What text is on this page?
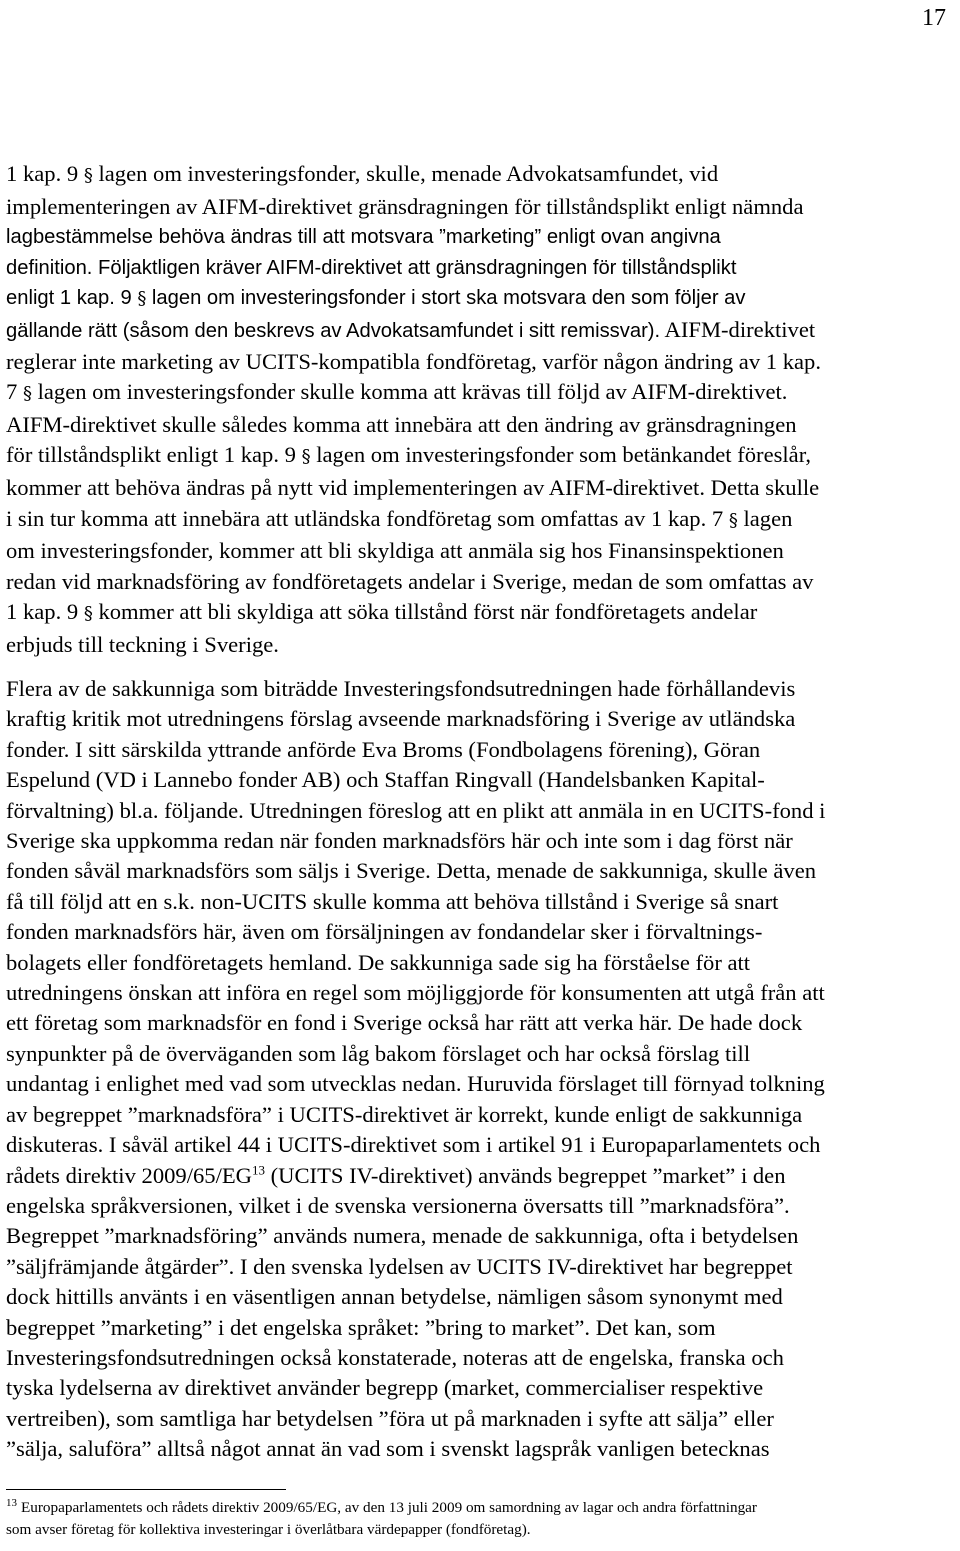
17
1 kap. 9 § lagen om investeringsfonder, skulle, menade Advokatsamfundet, vid
implementeringen av AIFM-direktivet gränsdragningen för tillståndsplikt enligt nämnda
lagbestämmelse behöva ändras till att motsvara ”marketing” enligt ovan angivna
definition. Följaktligen kräver AIFM-direktivet att gränsdragningen för tillståndsplikt
enligt 1 kap. 9 § lagen om investeringsfonder i stort ska motsvara den som följer av
gällande rätt (såsom den beskrevs av Advokatsamfundet i sitt remissvar). AIFM-direktivet
reglerar inte marketing av UCITS-kompatibla fondföretag, varför någon ändring av 1 kap.
7 § lagen om investeringsfonder skulle komma att krävas till följd av AIFM-direktivet.
AIFM-direktivet skulle således komma att innebära att den ändring av gränsdragningen
för tillståndsplikt enligt 1 kap. 9 § lagen om investeringsfonder som betänkandet föreslår,
kommer att behöva ändras på nytt vid implementeringen av AIFM-direktivet. Detta skulle
i sin tur komma att innebära att utländska fondföretag som omfattas av 1 kap. 7 § lagen
om investeringsfonder, kommer att bli skyldiga att anmäla sig hos Finansinspektionen
redan vid marknadsföring av fondföretagets andelar i Sverige, medan de som omfattas av
1 kap. 9 § kommer att bli skyldiga att söka tillstånd först när fondföretagets andelar
erbjuds till teckning i Sverige.
Flera av de sakkunniga som biträdde Investeringsfondsutredningen hade förhållandevis
kraftig kritik mot utredningens förslag avseende marknadsföring i Sverige av utländska
fonder. I sitt särskilda yttrande anförde Eva Broms (Fondbolagens förening), Göran
Espelund (VD i Lannebo fonder AB) och Staffan Ringvall (Handelsbanken Kapital-
förvaltning) bl.a. följande. Utredningen föreslog att en plikt att anmäla in en UCITS-fond i
Sverige ska uppkomma redan när fonden marknadsförs här och inte som i dag först när
fonden såväl marknadsförs som säljs i Sverige. Detta, menade de sakkunniga, skulle även
få till följd att en s.k. non-UCITS skulle komma att behöva tillstånd i Sverige så snart
fonden marknadsförs här, även om försäljningen av fondandelar sker i förvaltnings-
bolagets eller fondföretagets hemland. De sakkunniga sade sig ha förståelse för att
utredningens önskan att införa en regel som möjliggjorde för konsumenten att utgå från att
ett företag som marknadsför en fond i Sverige också har rätt att verka här. De hade dock
synpunkter på de överväganden som låg bakom förslaget och har också förslag till
undantag i enlighet med vad som utvecklas nedan. Huruvida förslaget till förnyad tolkning
av begreppet ”marknadsföra” i UCITS-direktivet är korrekt, kunde enligt de sakkunniga
diskuteras. I såväl artikel 44 i UCITS-direktivet som i artikel 91 i Europaparlamentets och
rådets direktiv 2009/65/EG$^{13}$ (UCITS IV-direktivet) används begreppet ”market” i den
engelska språkversionen, vilket i de svenska versionerna översatts till ”marknadsföra”.
Begreppet ”marknadsföring” används numera, menade de sakkunniga, ofta i betydelsen
”säljfrämjande åtgärder”. I den svenska lydelsen av UCITS IV-direktivet har begreppet
dock hittills använts i en väsentligen annan betydelse, nämligen såsom synonymt med
begreppet ”marketing” i det engelska språket: ”bring to market”. Det kan, som
Investeringsfondsutredningen också konstaterade, noteras att de engelska, franska och
tyska lydelserna av direktivet använder begrepp (market, commercialiser respektive
vertreiben), som samtliga har betydelsen ”föra ut på marknaden i syfte att sälja” eller
”sälja, saluföra” alltså något annat än vad som i svenskt lagspråk vanligen betecknas
$^{13}$ Europaparlamentets och rådets direktiv 2009/65/EG, av den 13 juli 2009 om samordning av lagar och andra författningar
som avser företag för kollektiva investeringar i överlåtbara värdepapper (fondföretag).
